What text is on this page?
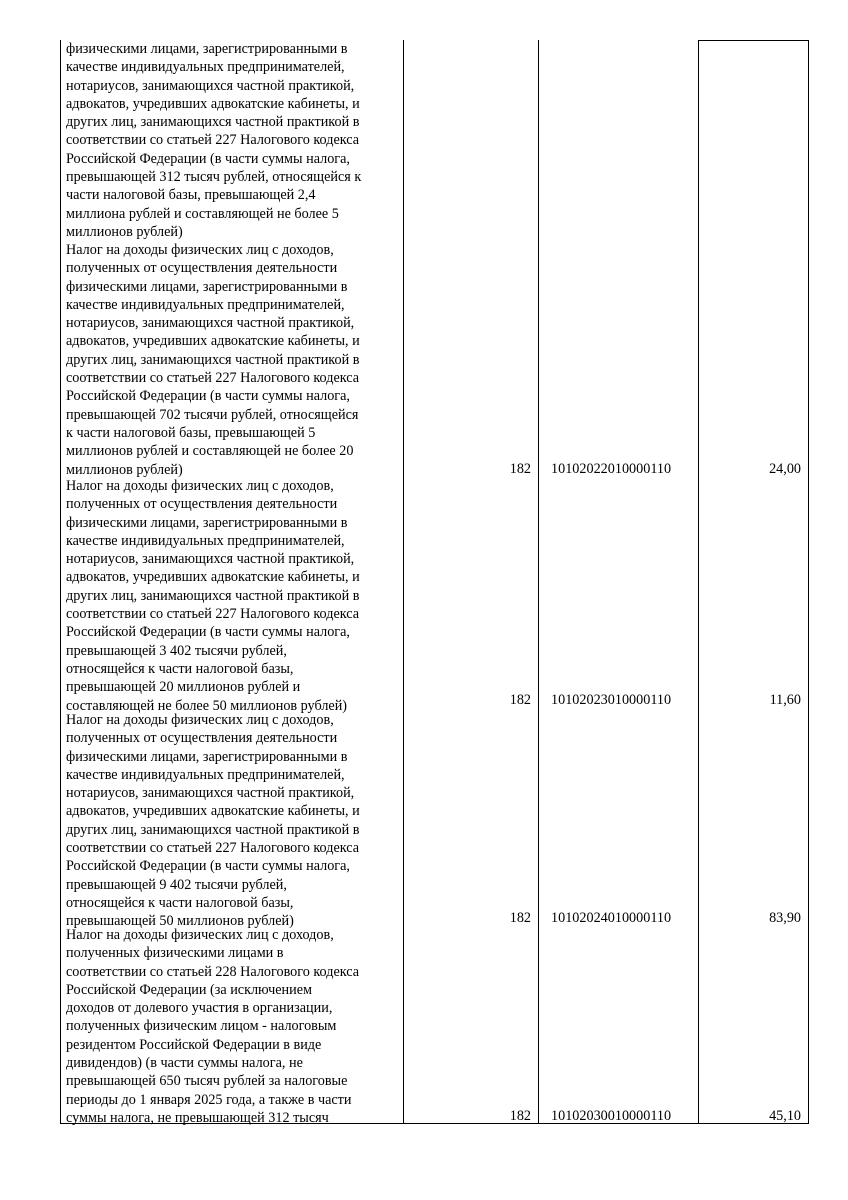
физическими лицами, зарегистрированными в
качестве индивидуальных предпринимателей,
нотариусов, занимающихся частной практикой,
адвокатов, учредивших адвокатские кабинеты, и
других лиц, занимающихся частной практикой в
соответствии со статьей 227 Налогового кодекса
Российской Федерации (в части суммы налога,
превышающей 312 тысяч рублей, относящейся к
части налоговой базы, превышающей 2,4
миллиона рублей и составляющей не более 5
миллионов рублей)

Налог на доходы физических лиц с доходов,
полученных от осуществления деятельности
физическими лицами, зарегистрированными в
качестве индивидуальных предпринимателей,
нотариусов, занимающихся частной практикой,
адвокатов, учредивших адвокатские кабинеты, и
других лиц, занимающихся частной практикой в
соответствии со статьей 227 Налогового кодекса
Российской Федерации (в части суммы налога,
превышающей 702 тысячи рублей, относящейся
к части налоговой базы, превышающей 5
миллионов рублей и составляющей не более 20
миллионов рублей)	182 10102022010000110	24,00

Налог на доходы физических лиц с доходов,
полученных от осуществления деятельности
физическими лицами, зарегистрированными в
качестве индивидуальных предпринимателей,
нотариусов, занимающихся частной практикой,
адвокатов, учредивших адвокатские кабинеты, и
других лиц, занимающихся частной практикой в
соответствии со статьей 227 Налогового кодекса
Российской Федерации (в части суммы налога,
превышающей 3 402 тысячи рублей,
относящейся к части налоговой базы,
превышающей 20 миллионов рублей и
составляющей не более 50 миллионов рублей)	182 10102023010000110	11,60

Налог на доходы физических лиц с доходов,
полученных от осуществления деятельности
физическими лицами, зарегистрированными в
качестве индивидуальных предпринимателей,
нотариусов, занимающихся частной практикой,
адвокатов, учредивших адвокатские кабинеты, и
других лиц, занимающихся частной практикой в
соответствии со статьей 227 Налогового кодекса
Российской Федерации (в части суммы налога,
превышающей 9 402 тысячи рублей,
относящейся к части налоговой базы,
превышающей 50 миллионов рублей)	182 10102024010000110	83,90

Налог на доходы физических лиц с доходов,
полученных физическими лицами в
соответствии со статьей 228 Налогового кодекса
Российской Федерации (за исключением
доходов от долевого участия в организации,
полученных физическим лицом - налоговым
резидентом Российской Федерации в виде
дивидендов) (в части суммы налога, не
превышающей 650 тысяч рублей за налоговые
периоды до 1 января 2025 года, а также в части
суммы налога, не превышающей 312 тысяч	182 10102030010000110	45,10
